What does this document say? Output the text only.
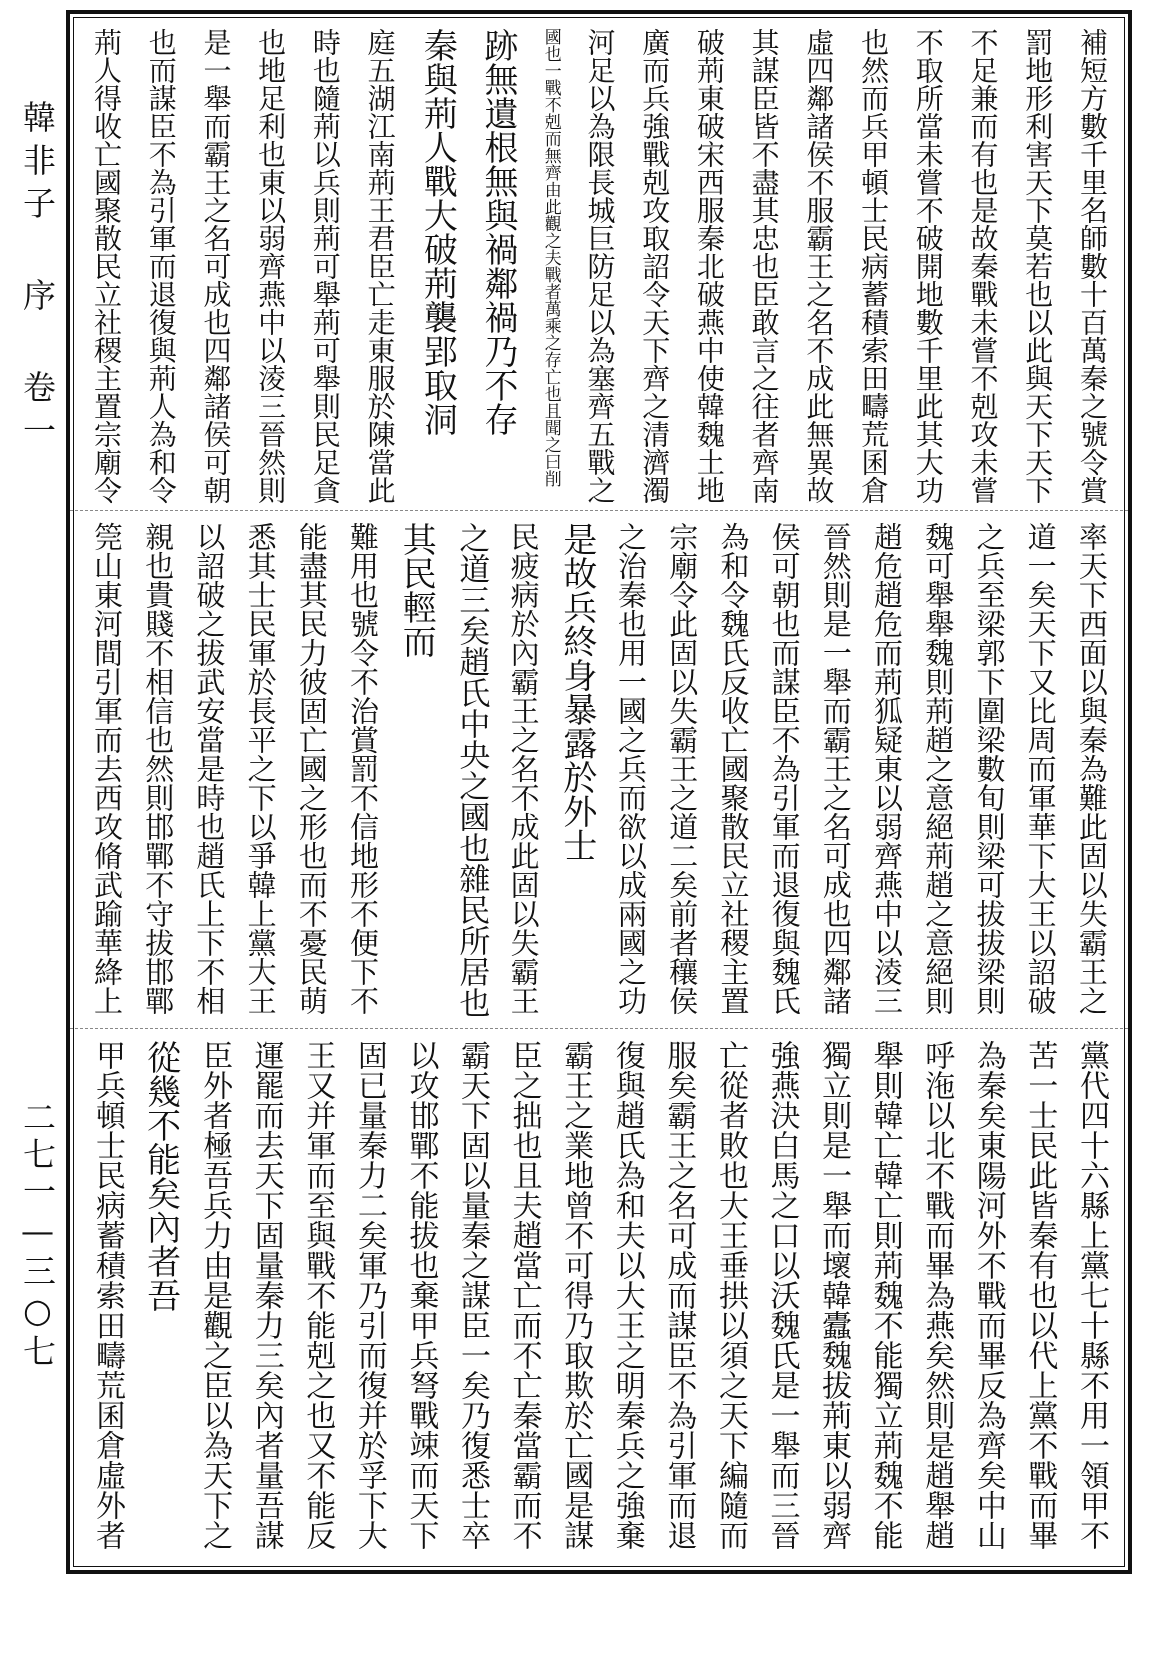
韓非子 序 卷一
二七一—三○七
補短方數千里名師數十百萬秦之號令賞
罰地形利害天下莫若也以此與天下天下
不足兼而有也是故秦戰未嘗不剋攻未嘗
不取所當未嘗不破開地數千里此其大功
也然而兵甲頓士民病蓄積索田疇荒囷倉
虛四鄰諸侯不服霸王之名不成此無異故
其謀臣皆不盡其忠也臣敢言之往者齊南
破荊東破宋西服秦北破燕中使韓魏土地
廣而兵強戰剋攻取詔令天下齊之清濟濁
河足以為限長城巨防足以為塞齊五戰之
國也一戰不剋而無齊由此觀之夫戰者萬乘之存亡也且聞之曰削
跡無遺根無與禍鄰禍乃不存
秦與荊人戰大破荊襲郢取洞
庭五湖江南荊王君臣亡走東服於陳當此
時也隨荊以兵則荊可舉荊可舉則民足貪
也地足利也東以弱齊燕中以淩三晉然則
是一舉而霸王之名可成也四鄰諸侯可朝
也而謀臣不為引軍而退復與荊人為和令
荊人得收亡國聚散民立社稷主置宗廟令
率天下西面以與秦為難此固以失霸王之
道一矣天下又比周而軍華下大王以詔破
之兵至梁郭下圍梁數旬則梁可拔拔梁則
魏可舉舉魏則荊趙之意絕荊趙之意絕則
趙危趙危而荊狐疑東以弱齊燕中以淩三
晉然則是一舉而霸王之名可成也四鄰諸
侯可朝也而謀臣不為引軍而退復與魏氏
為和令魏氏反收亡國聚散民立社稷主置
宗廟令此固以失霸王之道二矣前者穰侯
之治秦也用一國之兵而欲以成兩國之功
是故兵終身暴露於外士
民疲病於內霸王之名不成此固以失霸王
之道三矣趙氏中央之國也雜民所居也
其民輕而
難用也號令不治賞罰不信地形不便下不
能盡其民力彼固亡國之形也而不憂民萌
悉其士民軍於長平之下以爭韓上黨大王
以詔破之拔武安當是時也趙氏上下不相
親也貴賤不相信也然則邯鄲不守拔邯鄲
筦山東河間引軍而去西攻脩武踰華絳上
黨代四十六縣上黨七十縣不用一領甲不
苦一士民此皆秦有也以代上黨不戰而畢
為秦矣東陽河外不戰而畢反為齊矣中山
呼沲以北不戰而畢為燕矣然則是趙舉趙
舉則韓亡韓亡則荊魏不能獨立荊魏不能
獨立則是一舉而壞韓蠹魏拔荊東以弱齊
強燕決白馬之口以沃魏氏是一舉而三晉
亡從者敗也大王垂拱以須之天下編隨而
服矣霸王之名可成而謀臣不為引軍而退
復與趙氏為和夫以大王之明秦兵之強棄
霸王之業地曾不可得乃取欺於亡國是謀
臣之拙也且夫趙當亡而不亡秦當霸而不
霸天下固以量秦之謀臣一矣乃復悉士卒
以攻邯鄲不能拔也棄甲兵弩戰竦而天下
固已量秦力二矣軍乃引而復并於孚下大
王又并軍而至與戰不能剋之也又不能反
運罷而去天下固量秦力三矣內者量吾謀
臣外者極吾兵力由是觀之臣以為天下之
從幾不能矣內者吾
甲兵頓士民病蓄積索田疇荒囷倉虛外者
